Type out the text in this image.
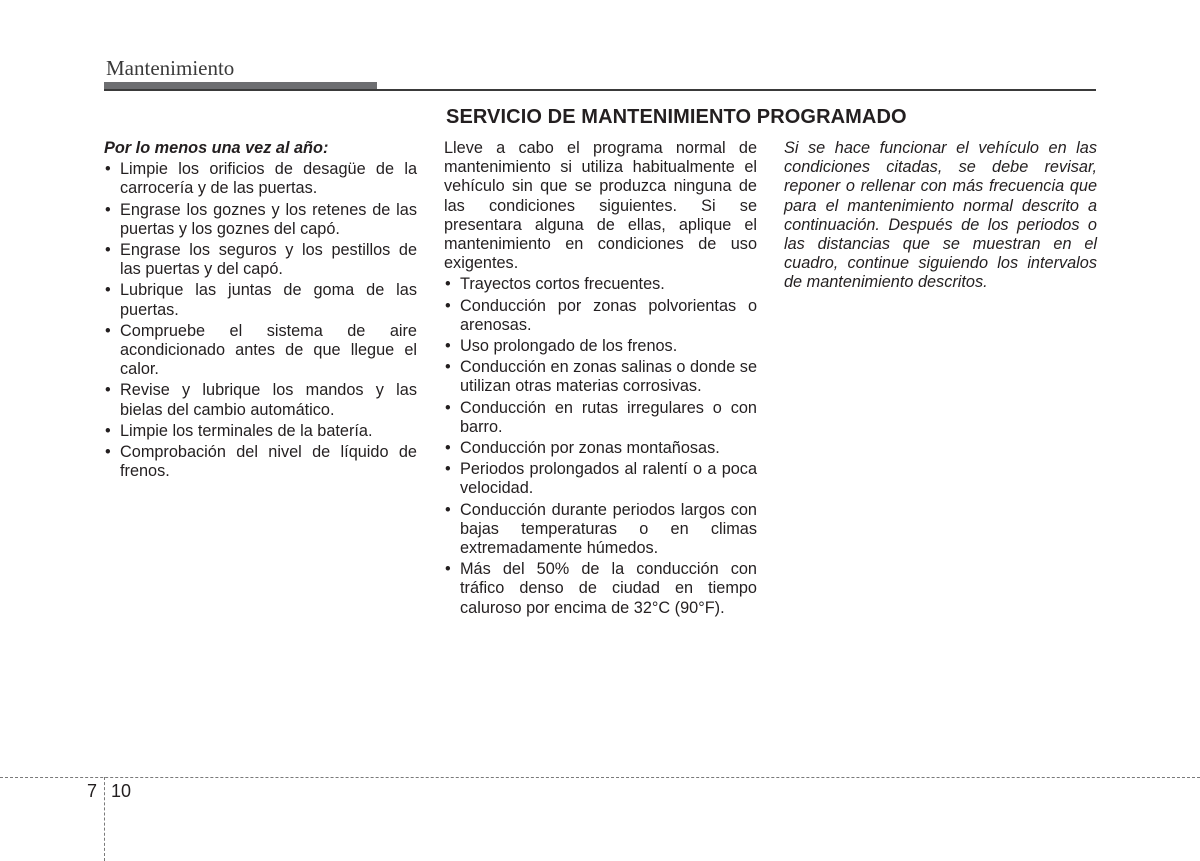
Mantenimiento
SERVICIO DE MANTENIMIENTO PROGRAMADO

Por lo menos una vez al año:

• Limpie los orificios de desagüe de la carrocería y de las puertas.
• Engrase los goznes y los retenes de las puertas y los goznes del capó.
• Engrase los seguros y los pestillos de las puertas y del capó.
• Lubrique las juntas de goma de las puertas.
• Compruebe el sistema de aire acondicionado antes de que llegue el calor.
• Revise y lubrique los mandos y las bielas del cambio automático.
• Limpie los terminales de la batería.
• Comprobación del nivel de líquido de frenos.

Lleve a cabo el programa normal de mantenimiento si utiliza habitualmente el vehículo sin que se produzca ninguna de las condiciones siguientes. Si se presentara alguna de ellas, aplique el mantenimiento en condiciones de uso exigentes.

• Trayectos cortos frecuentes.
• Conducción por zonas polvorientas o arenosas.
• Uso prolongado de los frenos.
• Conducción en zonas salinas o donde se utilizan otras materias corrosivas.
• Conducción en rutas irregulares o con barro.
• Conducción por zonas montañosas.
• Periodos prolongados al ralentí o a poca velocidad.
• Conducción durante periodos largos con bajas temperaturas o en climas extremadamente húmedos.
• Más del 50% de la conducción con tráfico denso de ciudad en tiempo caluroso por encima de 32°C (90°F).

Si se hace funcionar el vehículo en las condiciones citadas, se debe revisar, reponer o rellenar con más frecuencia que para el mantenimiento normal descrito a continuación. Después de los periodos o las distancias que se muestran en el cuadro, continue siguiendo los intervalos de mantenimiento descritos.

7 10
